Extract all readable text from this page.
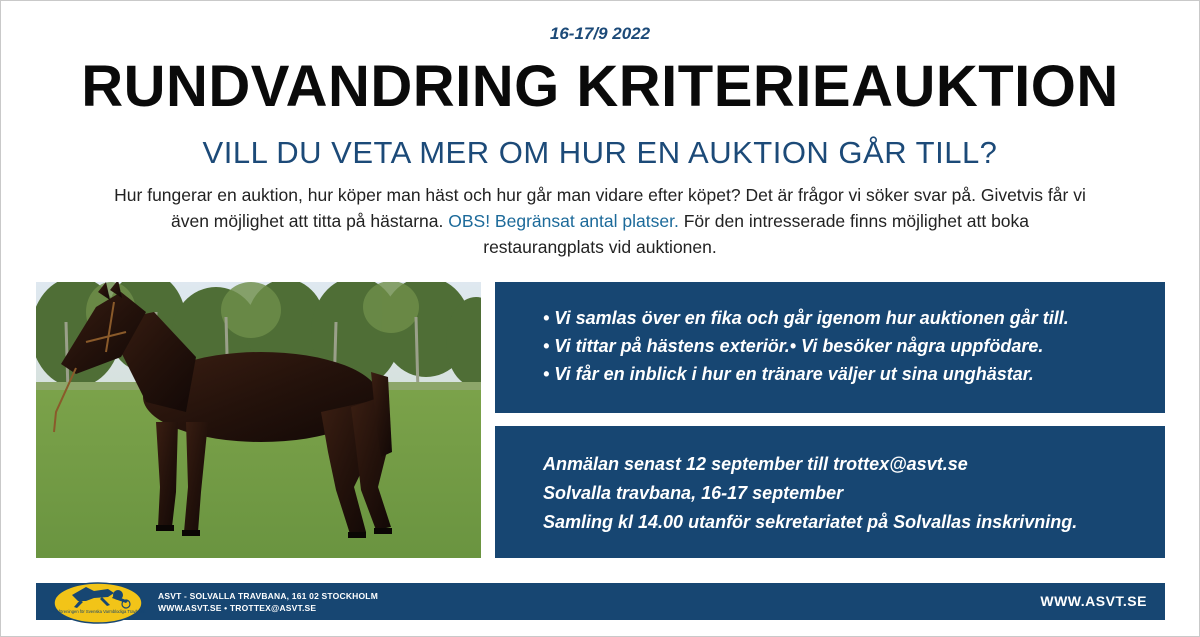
16-17/9 2022
RUNDVANDRING KRITERIEAUKTION
VILL DU VETA MER OM HUR EN AUKTION GÅR TILL?
Hur fungerar en auktion, hur köper man häst och hur går man vidare efter köpet? Det är frågor vi söker svar på. Givetvis får vi även möjlighet att titta på hästarna. OBS! Begränsat antal platser. För den intresserade finns möjlighet att boka restaurangplats vid auktionen.
• Vi samlas över en fika och går igenom hur auktionen går till.
• Vi tittar på hästens exteriör.• Vi besöker några uppfödare.
• Vi får en inblick i hur en tränare väljer ut sina unghästar.
Anmälan senast 12 september till trottex@asvt.se
Solvalla travbana, 16-17 september
Samling kl 14.00 utanför sekretariatet på Solvallas inskrivning.
Avelsföreningen för Svenska Varmblodiga Travhästar
ASVT - SOLVALLA TRAVBANA, 161 02 STOCKHOLM
WWW.ASVT.SE • TROTTEX@ASVT.SE	WWW.ASVT.SE
